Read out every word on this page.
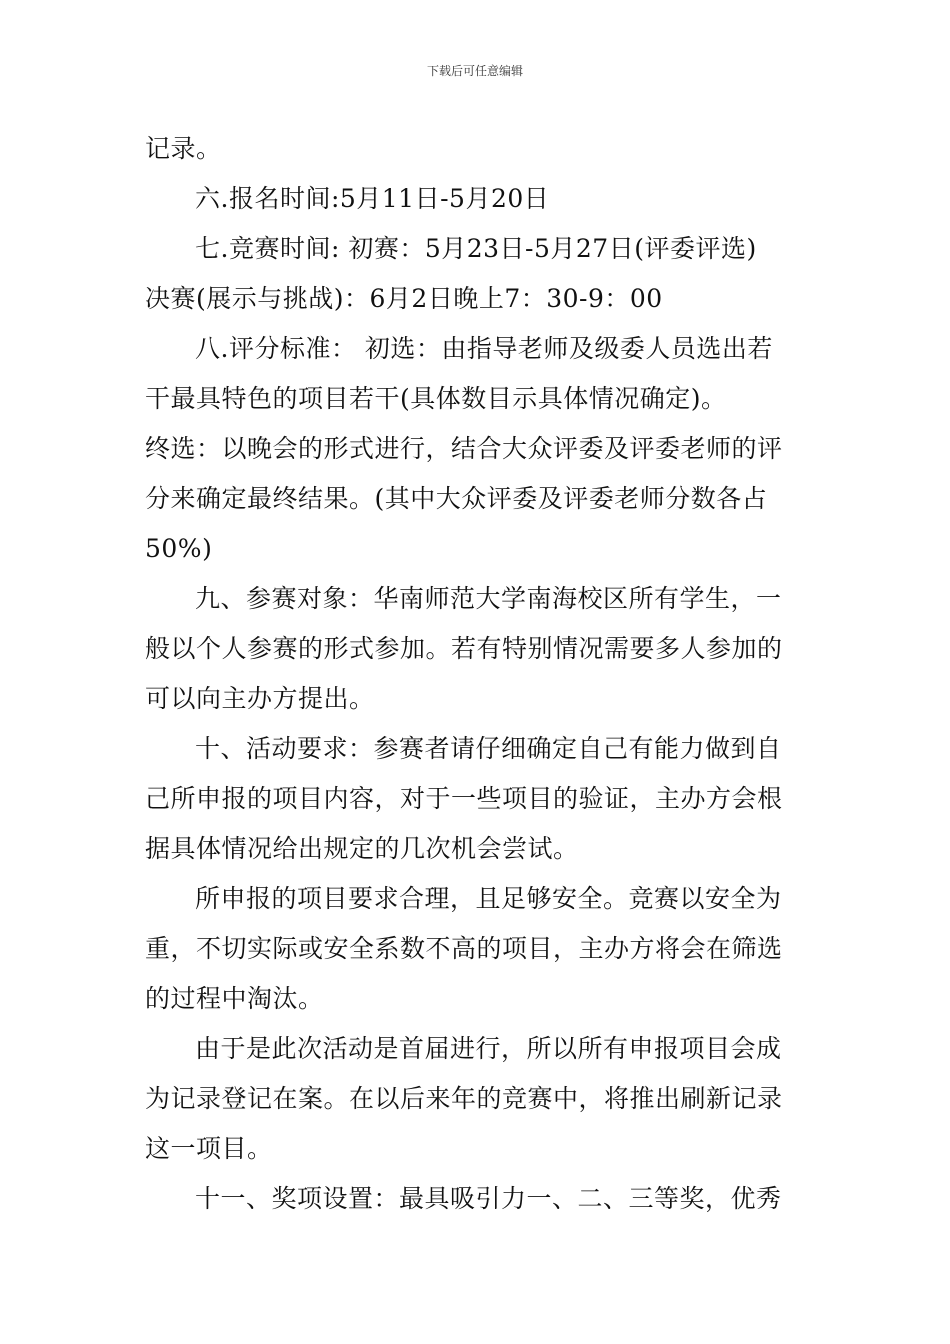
下载后可任意编辑
记录。
六.报名时间:5月11日-5月20日
七.竞赛时间: 初赛：5月23日-5月27日(评委评选)
决赛(展示与挑战)：6月2日晚上7：30-9：00
八.评分标准： 初选：由指导老师及级委人员选出若
干最具特色的项目若干(具体数目示具体情况确定)。
终选：以晚会的形式进行，结合大众评委及评委老师的评
分来确定最终结果。(其中大众评委及评委老师分数各占
50%)
九、参赛对象：华南师范大学南海校区所有学生，一
般以个人参赛的形式参加。若有特别情况需要多人参加的
可以向主办方提出。
十、活动要求：参赛者请仔细确定自己有能力做到自
己所申报的项目内容，对于一些项目的验证，主办方会根
据具体情况给出规定的几次机会尝试。
所申报的项目要求合理，且足够安全。竞赛以安全为
重，不切实际或安全系数不高的项目，主办方将会在筛选
的过程中淘汰。
由于是此次活动是首届进行，所以所有申报项目会成
为记录登记在案。在以后来年的竞赛中，将推出刷新记录
这一项目。
十一、奖项设置：最具吸引力一、二、三等奖，优秀
